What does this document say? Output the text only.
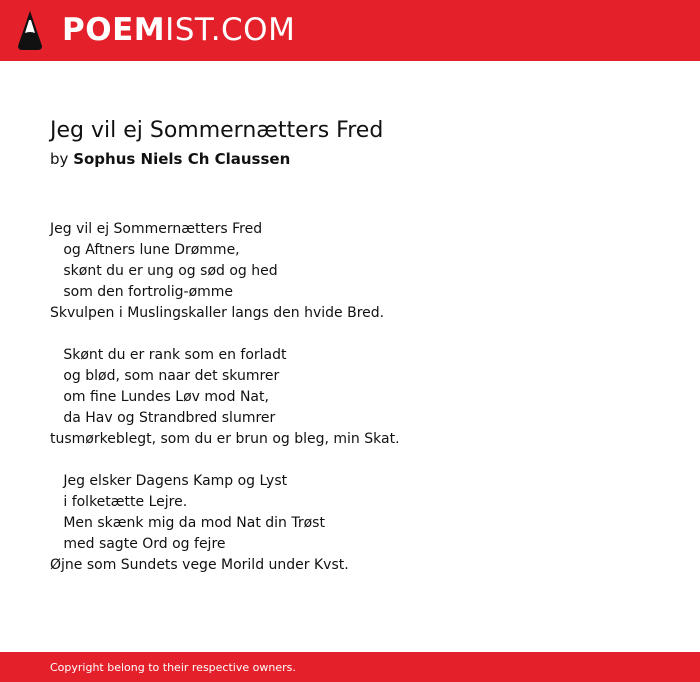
POEMIST.COM
Jeg vil ej Sommernætters Fred
by Sophus Niels Ch Claussen
Jeg vil ej Sommernætters Fred
og Aftners lune Drømme,
skønt du er ung og sød og hed
som den fortrolig-ømme
Skvulpen i Muslingskaller langs den hvide Bred.
Skønt du er rank som en forladt
og blød, som naar det skumrer
om fine Lundes Løv mod Nat,
da Hav og Strandbred slumrer
tusmørkeblegt, som du er brun og bleg, min Skat.
Jeg elsker Dagens Kamp og Lyst
i folketætte Lejre.
Men skænk mig da mod Nat din Trøst
med sagte Ord og fejre
Øjne som Sundets vege Morild under Kvst.
Copyright belong to their respective owners.
